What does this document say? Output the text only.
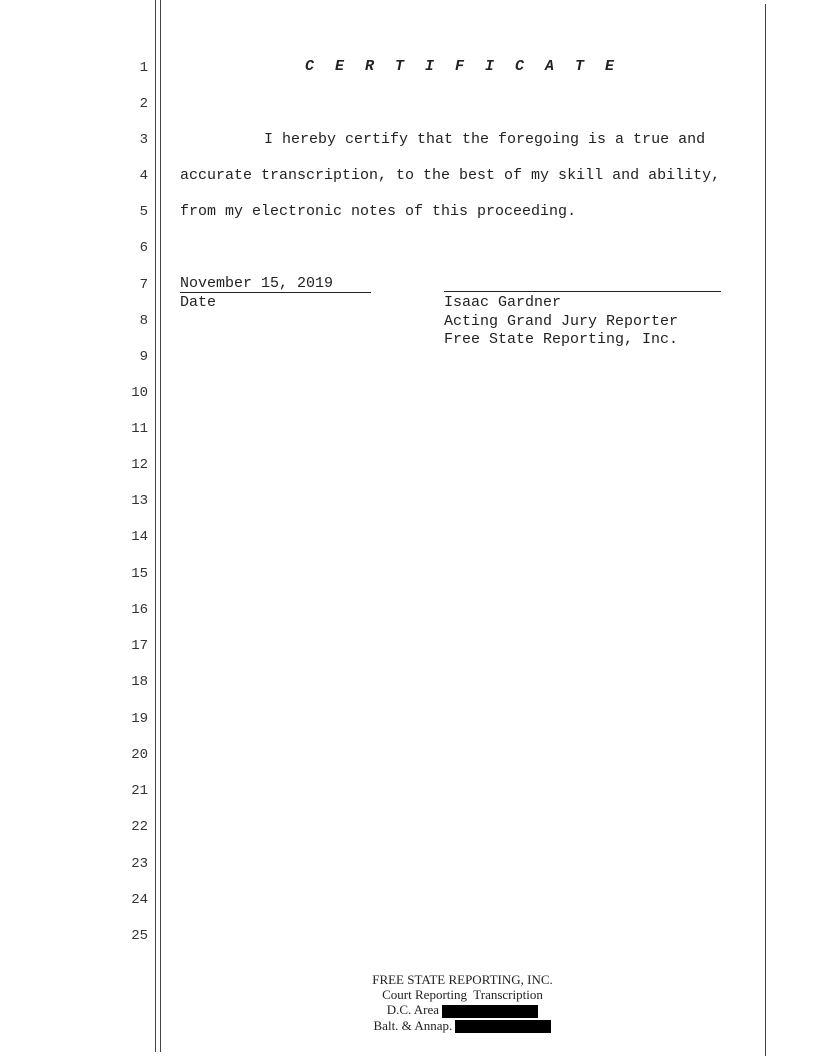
1
2
3
4
5
6
7
8
9
10
11
12
13
14
15
16
17
18
19
20
21
22
23
24
25
C E R T I F I C A T E
I hereby certify that the foregoing is a true and
accurate transcription, to the best of my skill and ability,
from my electronic notes of this proceeding.
November 15, 2019
Date	Isaac Gardner
Acting Grand Jury Reporter
Free State Reporting, Inc.
FREE STATE REPORTING, INC.
Court Reporting  Transcription
D.C. Area
Balt. & Annap.
